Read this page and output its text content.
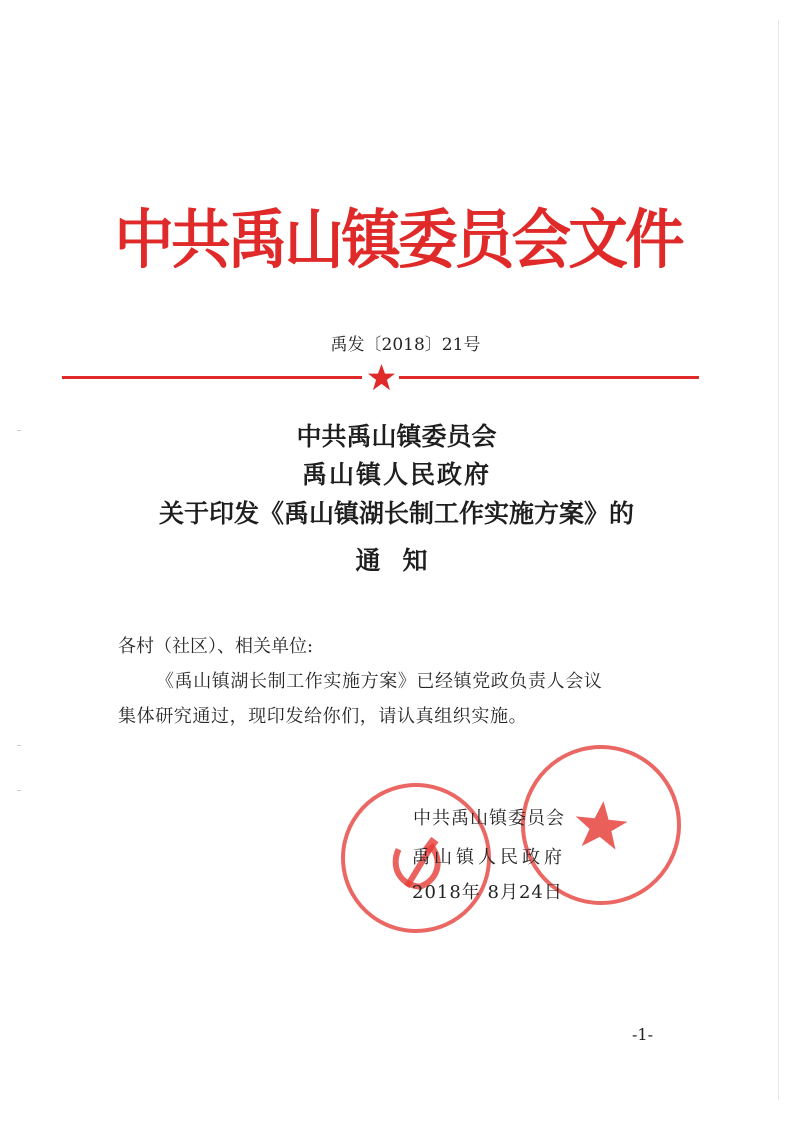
中共禹山镇委员会文件
禹发〔2018〕21号
中共禹山镇委员会
禹山镇人民政府
关于印发《禹山镇湖长制工作实施方案》的
通知
各村（社区）、相关单位:
《禹山镇湖长制工作实施方案》已经镇党政负责人会议
集体研究通过，现印发给你们，请认真组织实施。
中共禹山镇委员会
禹山镇人民政府
2018年 8月24日
-1-
